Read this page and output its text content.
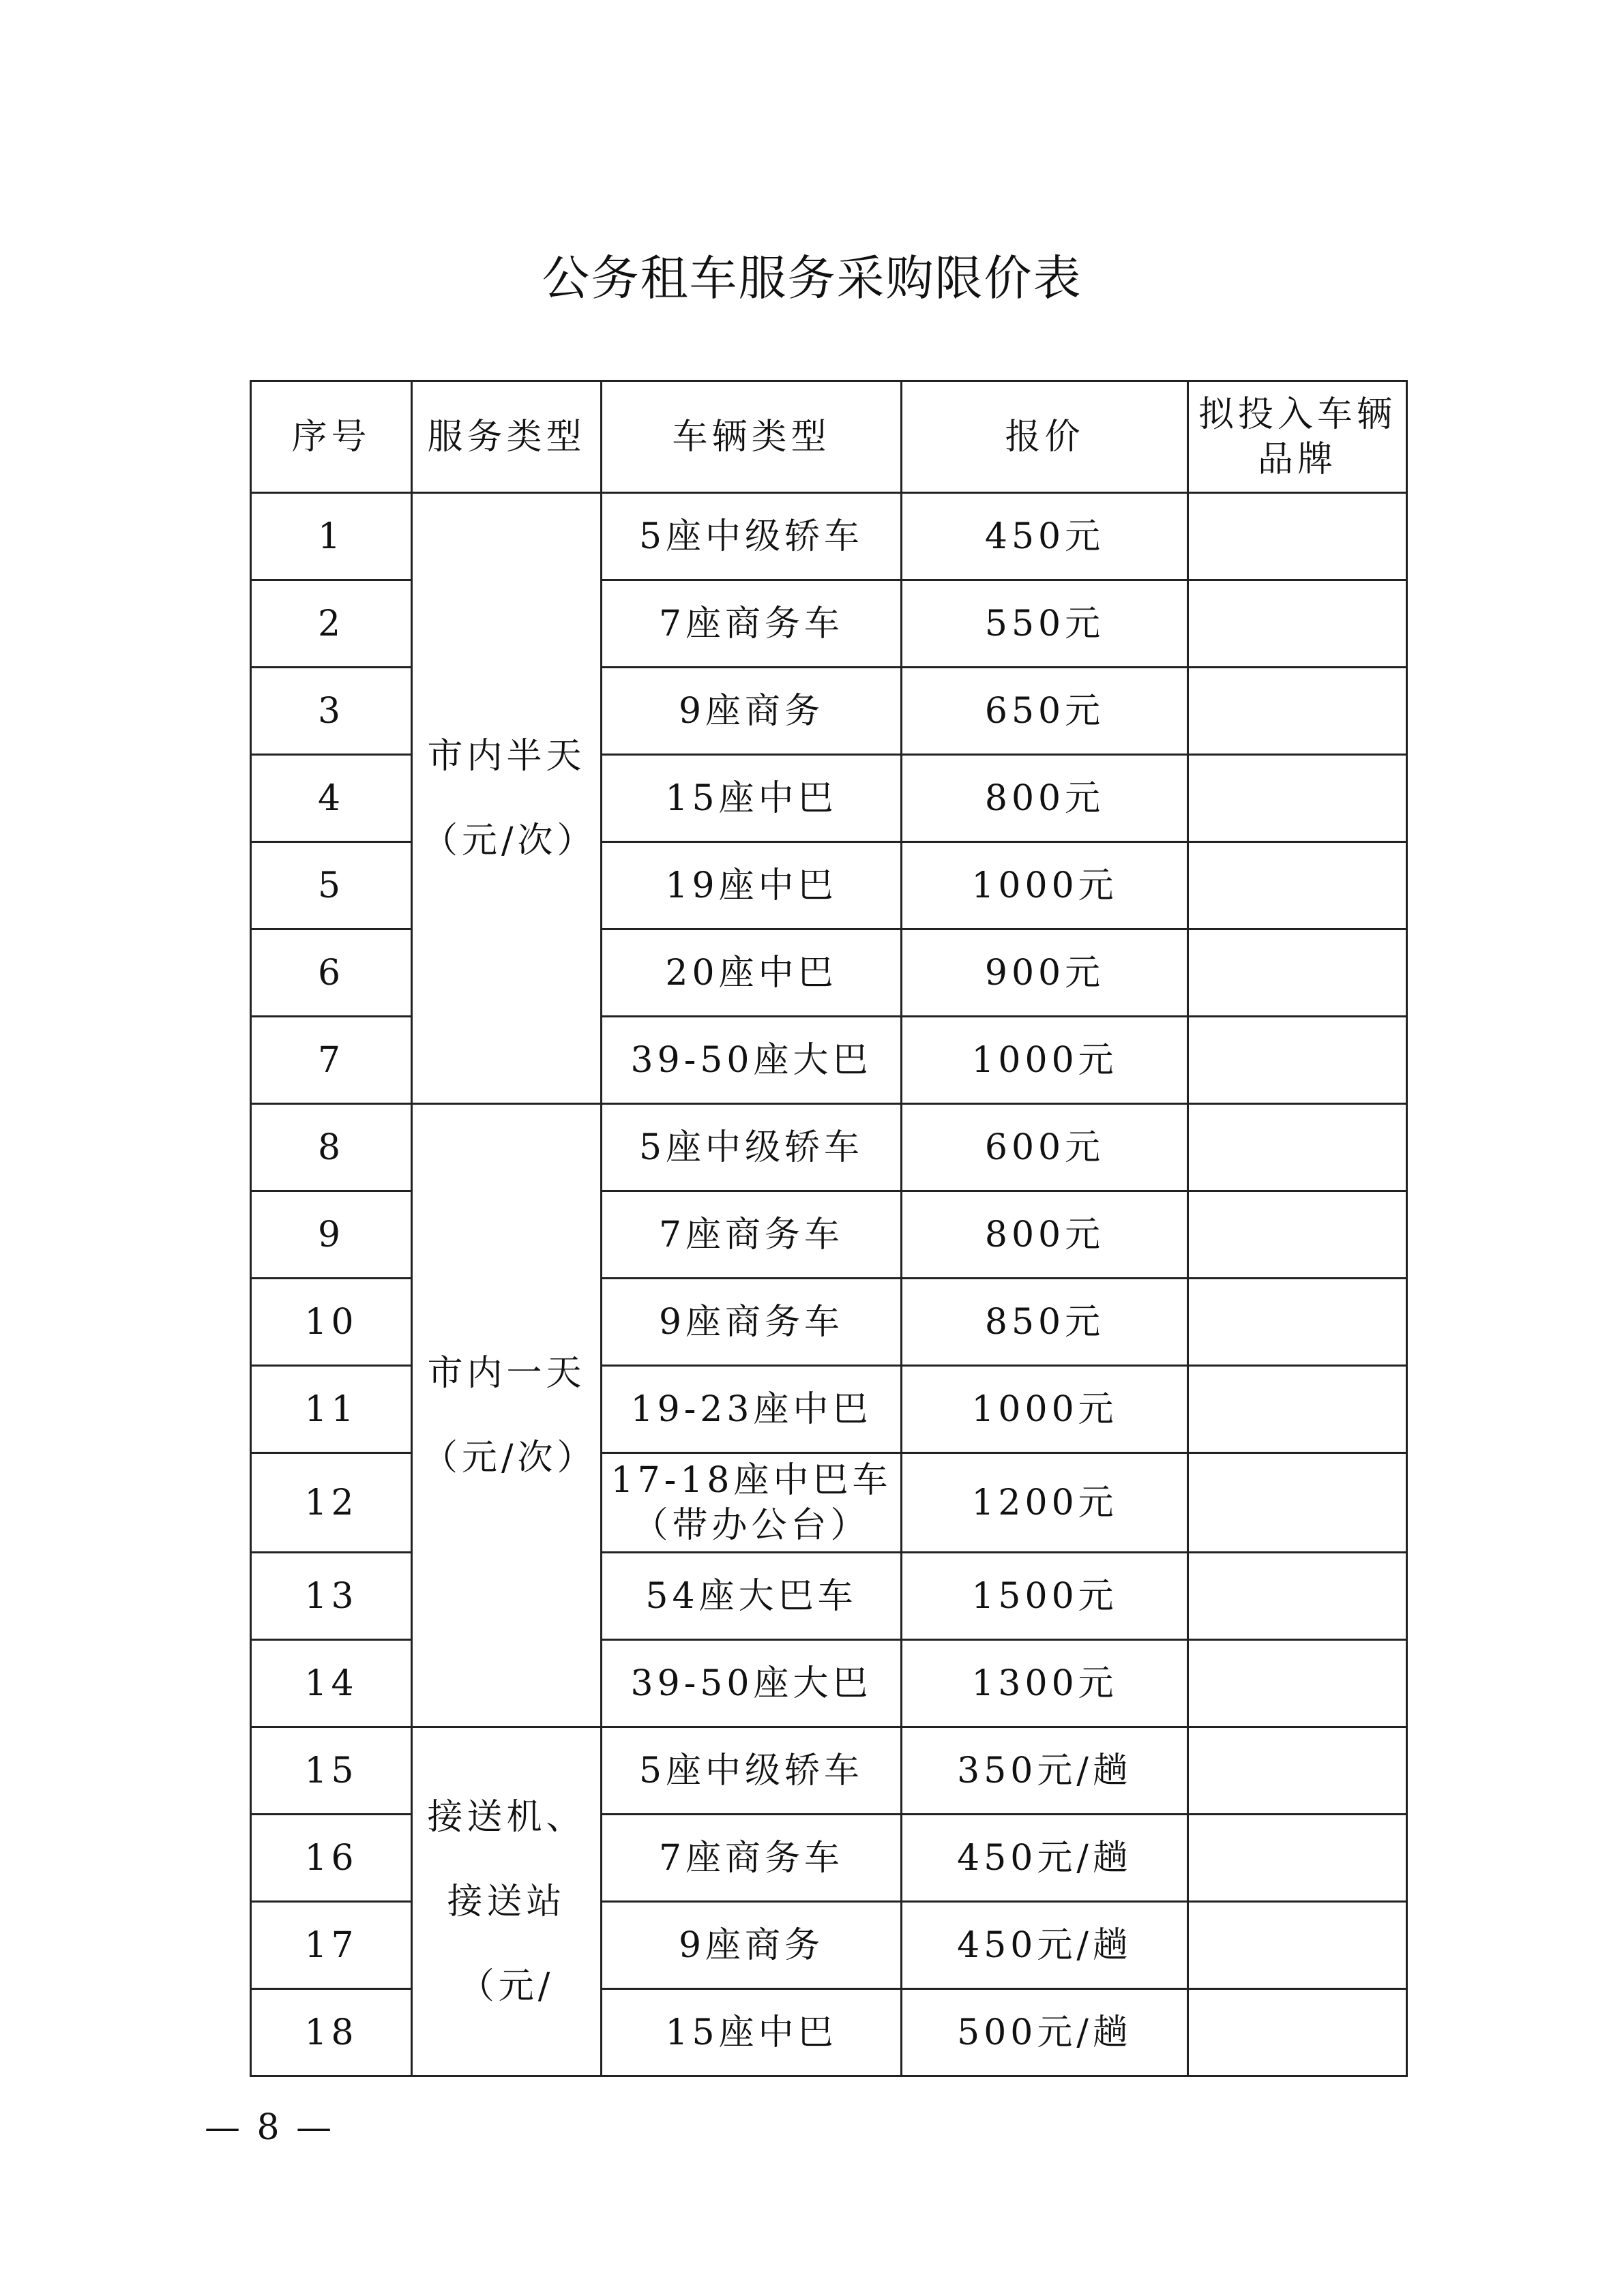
公务租车服务采购限价表
序号	服务类型	车辆类型	报价	拟投入车辆品牌
1	市内半天（元/次）	5座中级轿车	450元	
2		7座商务车	550元	
3		9座商务	650元	
4		15座中巴	800元	
5		19座中巴	1000元	
6		20座中巴	900元	
7		39-50座大巴	1000元	
8	市内一天（元/次）	5座中级轿车	600元	
9		7座商务车	800元	
10		9座商务车	850元	
11		19-23座中巴	1000元	
12		17-18座中巴车（带办公台）	1200元	
13		54座大巴车	1500元	
14		39-50座大巴	1300元	
15	接送机、接送站（元/	5座中级轿车	350元/趟	
16		7座商务车	450元/趟	
17		9座商务	450元/趟	
18		15座中巴	500元/趟	
— 8 —
